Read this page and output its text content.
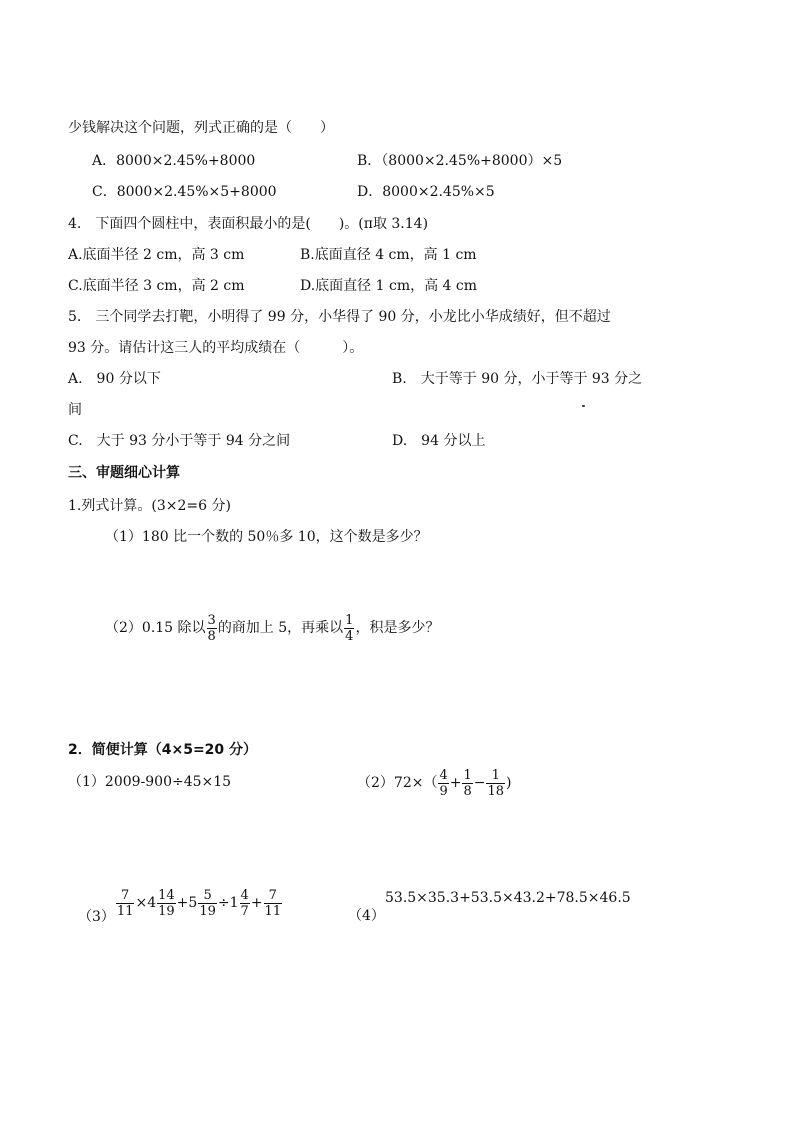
少钱解决这个问题，列式正确的是（　　）
A．8000×2.45%+8000	B．（8000×2.45%+8000）×5
C．8000×2.45%×5+8000	D．8000×2.45%×5
4.　下面四个圆柱中，表面积最小的是(　　)。(π取 3.14)
A.底面半径 2 cm，高 3 cm	B.底面直径 4 cm，高 1 cm
C.底面半径 3 cm，高 2 cm	D.底面直径 1 cm，高 4 cm
5.　三个同学去打靶，小明得了 99 分，小华得了 90 分，小龙比小华成绩好，但不超过
93 分。请估计这三人的平均成绩在（　　　）。
A.　90 分以下	B.　大于等于 90 分，小于等于 93 分之
间
C.　大于 93 分小于等于 94 分之间	D.　94 分以上
三、审题细心计算
1.列式计算。(3×2=6 分)
（1）180 比一个数的 50％多 10，这个数是多少？
（2）0.15 除以 $\frac{3}{8}$ 的商加上 5，再乘以 $\frac{1}{4}$ ，积是多少？
2．简便计算（4×5=20 分）
（1）2009-900÷45×15	$(2)72\times( \frac{4}{9} + \frac{1}{8} - \frac{1}{18}$ )
$(3) \frac{7}{11} \times 4 \frac{14}{19} +5 \frac{5}{19} \div 1 \frac{4}{7} + \frac{7}{11}$	（4）
53.5×35.3+53.5×43.2+78.5×46.5
